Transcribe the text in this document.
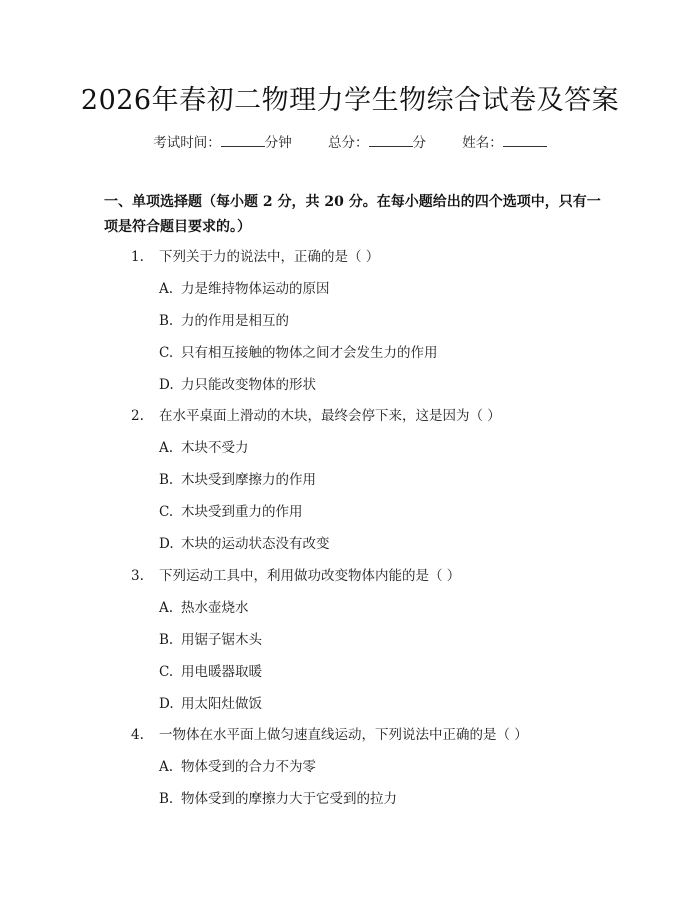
2026年春初二物理力学生物综合试卷及答案
考试时间：	分钟	总分：	分	姓名：
一、单项选择题（每小题 2 分，共 20 分。在每小题给出的四个选项中，只有一项是符合题目要求的。）
1. 下列关于力的说法中，正确的是（ ）
A. 力是维持物体运动的原因
B. 力的作用是相互的
C. 只有相互接触的物体之间才会发生力的作用
D. 力只能改变物体的形状
2. 在水平桌面上滑动的木块，最终会停下来，这是因为（ ）
A. 木块不受力
B. 木块受到摩擦力的作用
C. 木块受到重力的作用
D. 木块的运动状态没有改变
3. 下列运动工具中，利用做功改变物体内能的是（ ）
A. 热水壶烧水
B. 用锯子锯木头
C. 用电暖器取暖
D. 用太阳灶做饭
4. 一物体在水平面上做匀速直线运动，下列说法中正确的是（ ）
A. 物体受到的合力不为零
B. 物体受到的摩擦力大于它受到的拉力
